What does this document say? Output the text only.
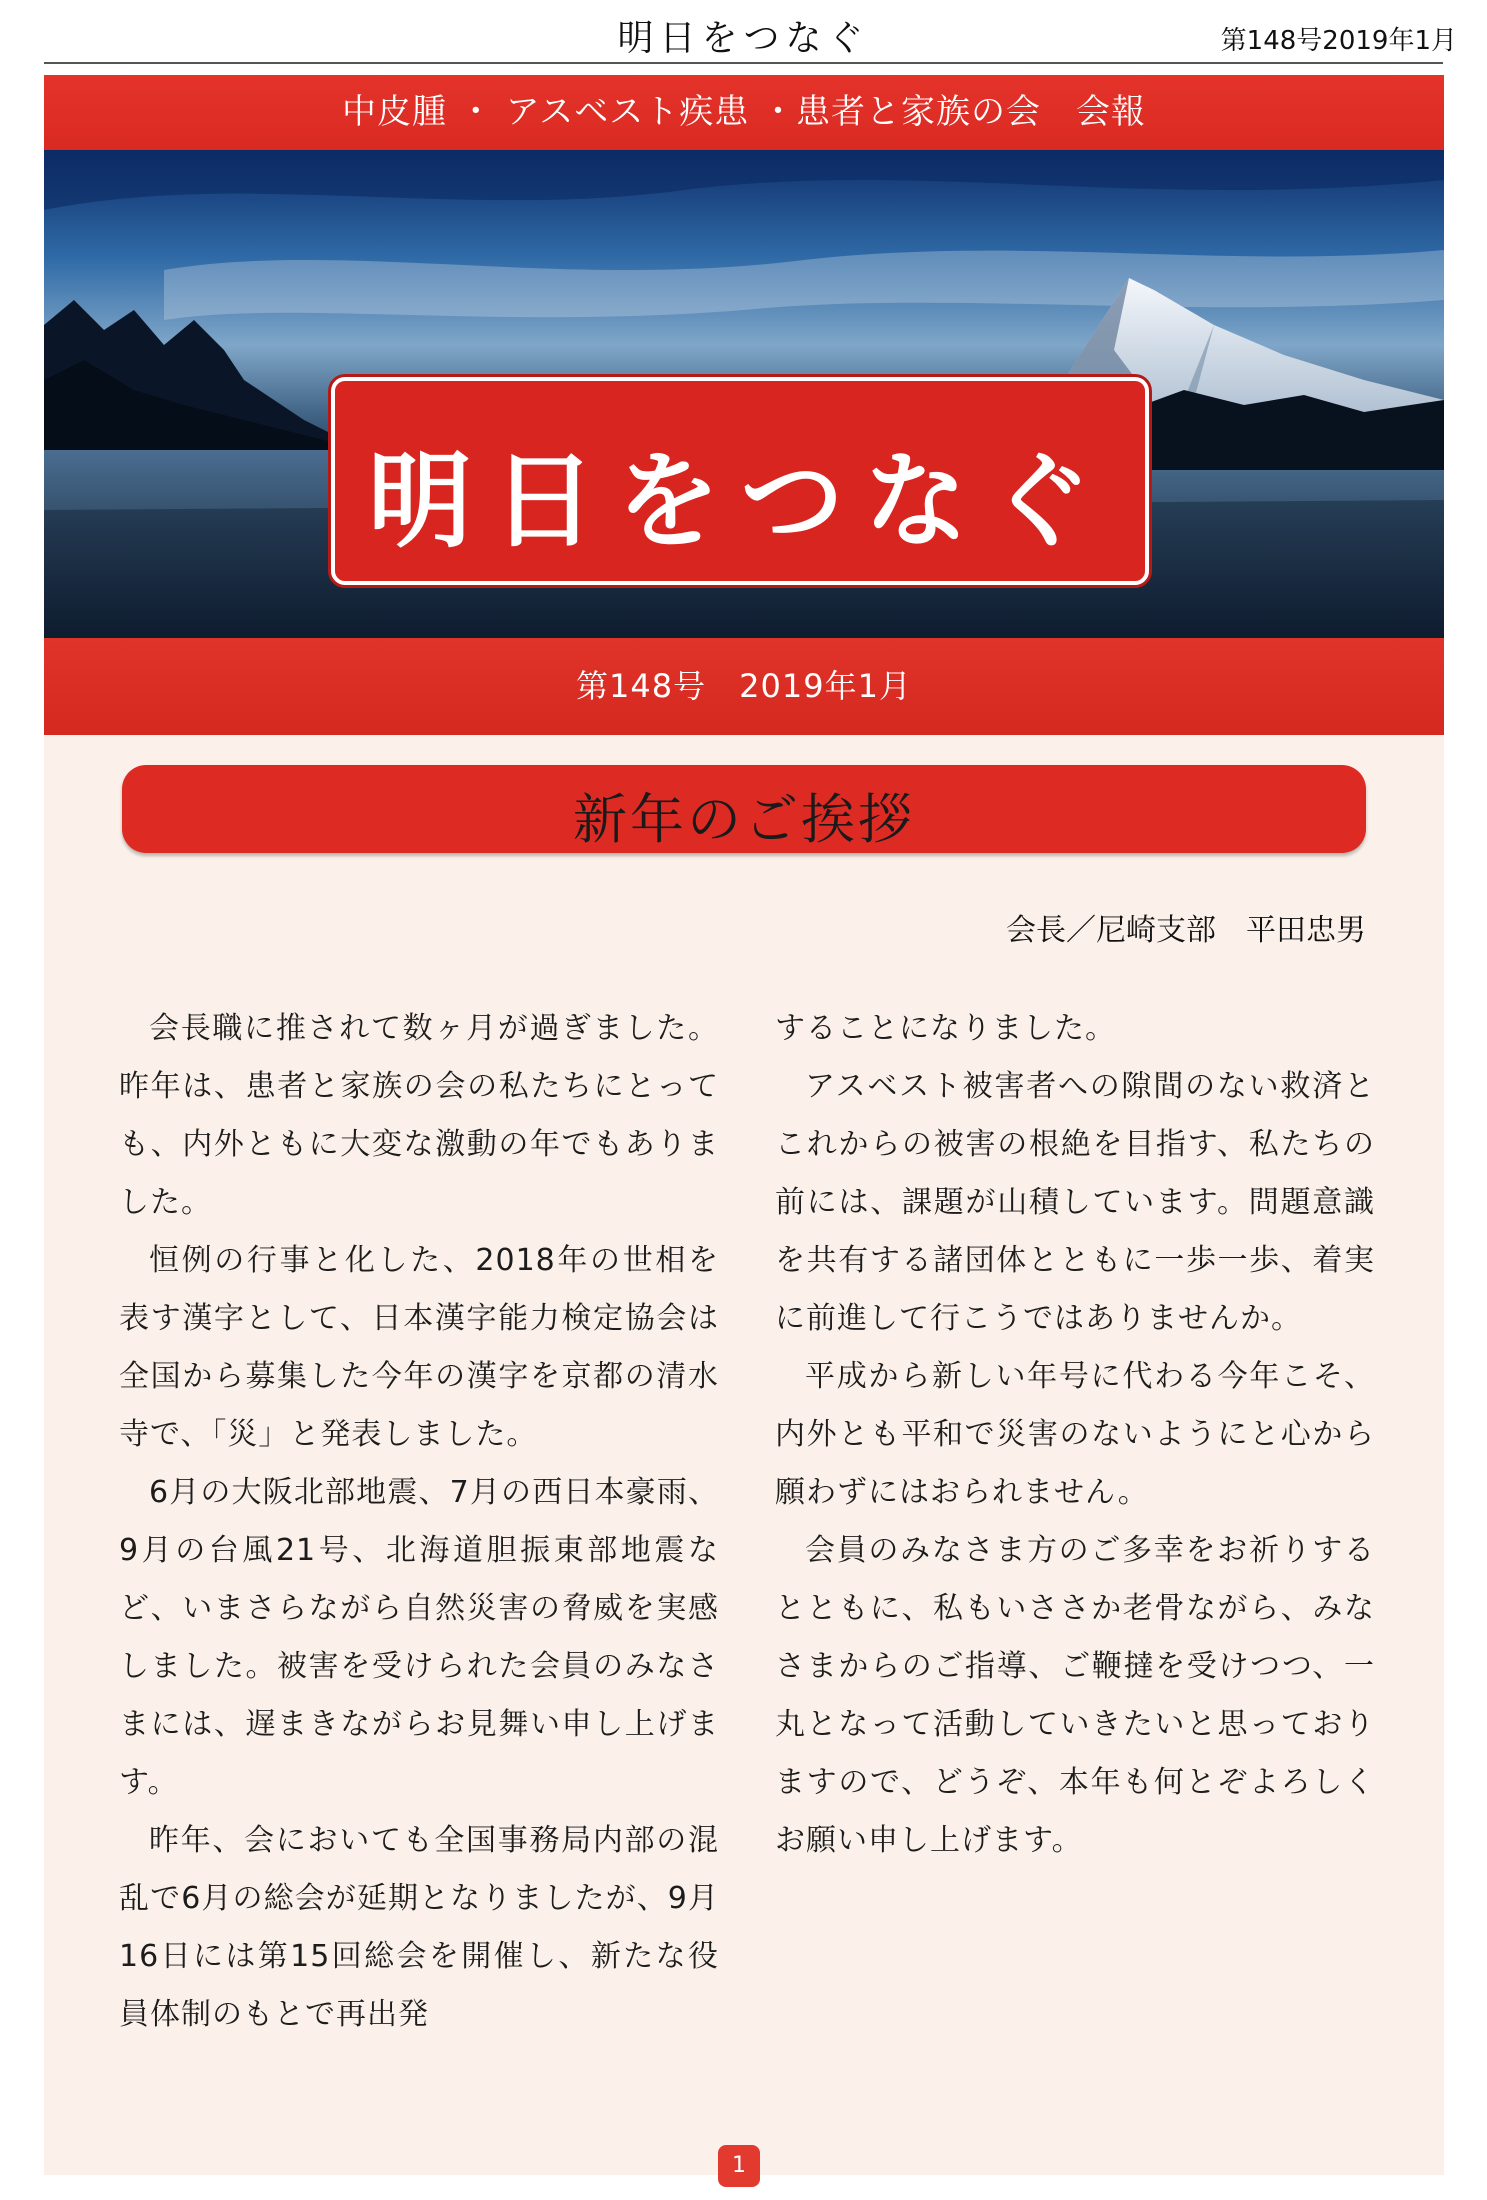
明日をつなぐ	第148号2019年1月
中皮腫 ・ アスベスト疾患 ・患者と家族の会　会報
明日をつなぐ
第148号　2019年1月
新年のご挨拶
会長／尼崎支部　平田忠男

会長職に推されて数ヶ月が過ぎました。昨年は、患者と家族の会の私たちにとっても、内外ともに大変な激動の年でもありました。

恒例の行事と化した、2018年の世相を表す漢字として、日本漢字能力検定協会は全国から募集した今年の漢字を京都の清水寺で、「災」と発表しました。

6月の大阪北部地震、7月の西日本豪雨、9月の台風21号、北海道胆振東部地震など、いまさらながら自然災害の脅威を実感しました。被害を受けられた会員のみなさまには、遅まきながらお見舞い申し上げます。

昨年、会においても全国事務局内部の混乱で6月の総会が延期となりましたが、9月16日には第15回総会を開催し、新たな役員体制のもとで再出発

することになりました。

アスベスト被害者への隙間のない救済とこれからの被害の根絶を目指す、私たちの前には、課題が山積しています。問題意識を共有する諸団体とともに一歩一歩、着実に前進して行こうではありませんか。

平成から新しい年号に代わる今年こそ、内外とも平和で災害のないようにと心から願わずにはおられません。

会員のみなさま方のご多幸をお祈りするとともに、私もいささか老骨ながら、みなさまからのご指導、ご鞭撻を受けつつ、一丸となって活動していきたいと思っておりますので、どうぞ、本年も何とぞよろしくお願い申し上げます。

1
